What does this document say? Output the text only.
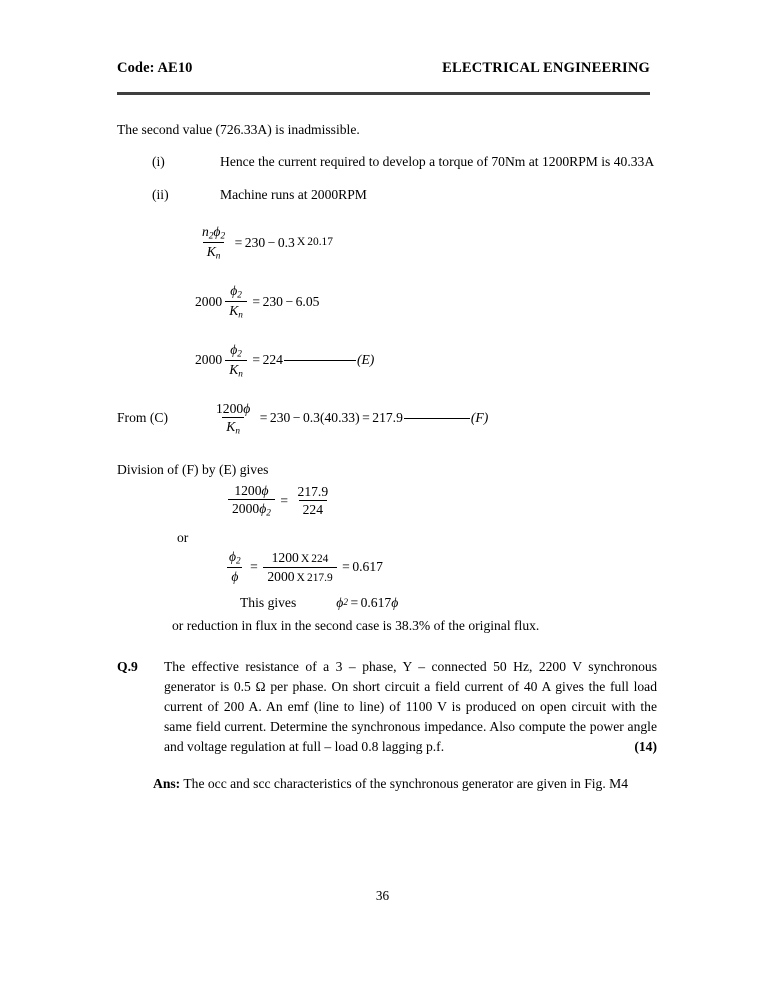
Code: AE10	ELECTRICAL ENGINEERING

The second value (726.33A) is inadmissible.

(i)	Hence the current required to develop a torque of 70Nm at 1200RPM is 40.33A
(ii)	Machine runs at 2000RPM
$\frac{n_2\phi_2}{K_n} = 230 - 0.3$ X 20.17
$2000 \frac{\phi_2}{K_n} = 230 - 6.05$
$2000 \frac{\phi_2}{K_n} = 224$	(E)
From (C)	$\frac{1200\phi}{K_n} = 230 - 0.3(40.33) = 217.9$	(F)

Division of (F) by (E) gives

$\frac{1200\phi}{2000\phi_2} = \frac{217.9}{224}$

or

$\frac{\phi_2}{\phi} = \frac{1200 X 224}{2000 X 217.9} = 0.617$
This gives	ϕ 2 = 0.617 ϕ

or reduction in flux in the second case is 38.3% of the original flux.

Q.9	The effective resistance of a 3 – phase, Y – connected 50 Hz, 2200 V synchronous generator is 0.5 Ω per phase. On short circuit a field current of 40 A gives the full load current of 200 A. An emf (line to line) of 1100 V is produced on open circuit with the same field current. Determine the synchronous impedance. Also compute the power angle and voltage regulation at full – load 0.8 lagging p.f.	(14)
Ans: The occ and scc characteristics of the synchronous generator are given in Fig. M4
36
